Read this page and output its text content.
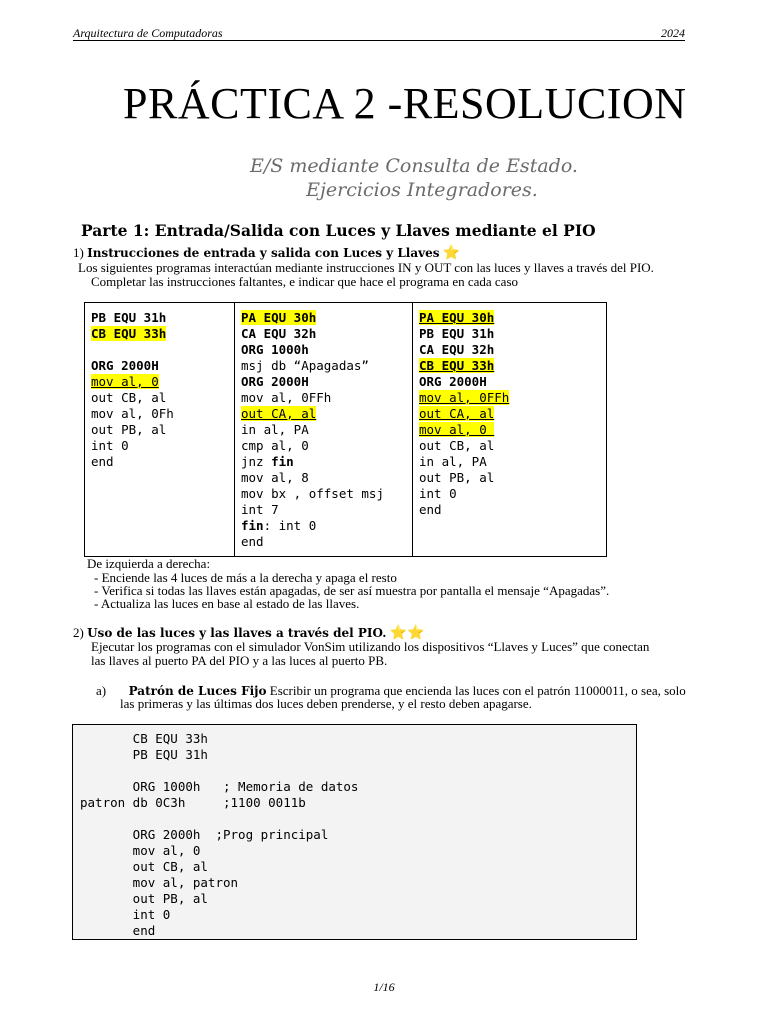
Arquitectura de Computadoras	2024
PRÁCTICA 2 -RESOLUCION
E/S mediante Consulta de Estado.
Ejercicios Integradores.
Parte 1: Entrada/Salida con Luces y Llaves mediante el PIO
1) Instrucciones de entrada y salida con Luces y Llaves ⭐
Los siguientes programas interactúan mediante instrucciones IN y OUT con las luces y llaves a través del PIO.
Completar las instrucciones faltantes, e indicar que hace el programa en cada caso
PB EQU 31h
CB EQU 33h

ORG 2000H
mov al, 0
out CB, al
mov al, 0Fh
out PB, al
int 0
end

PA EQU 30h
CA EQU 32h
ORG 1000h
msj db “Apagadas”
ORG 2000H
mov al, 0FFh
out CA, al
in al, PA
cmp al, 0
jnz fin
mov al, 8
mov bx , offset msj
int 7
fin: int 0
end

PA EQU 30h
PB EQU 31h
CA EQU 32h
CB EQU 33h
ORG 2000H
mov al, 0FFh
out CA, al
mov al, 0
out CB, al
in al, PA
out PB, al
int 0
end
De izquierda a derecha:
- Enciende las 4 luces de más a la derecha y apaga el resto
- Verifica si todas las llaves están apagadas, de ser así muestra por pantalla el mensaje “Apagadas”.
- Actualiza las luces en base al estado de las llaves.
2) Uso de las luces y las llaves a través del PIO. ⭐⭐
Ejecutar los programas con el simulador VonSim utilizando los dispositivos “Llaves y Luces” que conectan
las llaves al puerto PA del PIO y a las luces al puerto PB.
a) Patrón de Luces Fijo Escribir un programa que encienda las luces con el patrón 11000011, o sea, solo
las primeras y las últimas dos luces deben prenderse, y el resto deben apagarse.
CB EQU 33h
PB EQU 31h

ORG 1000h   ; Memoria de datos
patron db 0C3h     ;1100 0011b

ORG 2000h  ;Prog principal
mov al, 0
out CB, al
mov al, patron
out PB, al
int 0
end
1/16
